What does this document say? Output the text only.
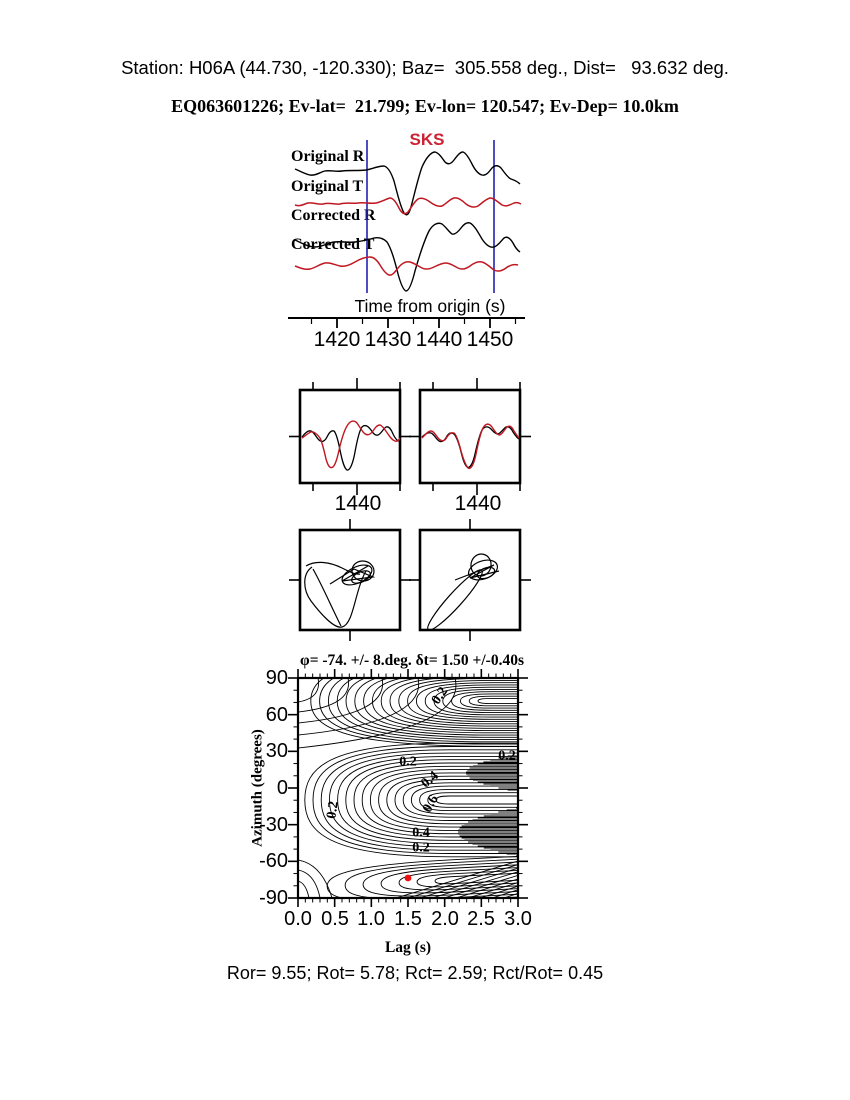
Station: H06A (44.730, -120.330); Baz=  305.558 deg., Dist=   93.632 deg.
EQ063601226; Ev-lat=  21.799; Ev-lon= 120.547; Ev-Dep= 10.0km
SKS
Original R
Original T
Corrected R
Corrected T
Time from origin (s)
1420 1430 1440 1450
1440	1440
φ= -74. +/- 8.deg. δt= 1.50 +/-0.40s
Azimuth (degrees)
Lag (s)
90
60
30
0
-30
-60
-90
0.0 0.5 1.0 1.5 2.0 2.5 3.0
0.2
0.2	0.2
0.4
0.6
0.2
0.4
0.2
Ror= 9.55; Rot= 5.78; Rct= 2.59; Rct/Rot= 0.45
